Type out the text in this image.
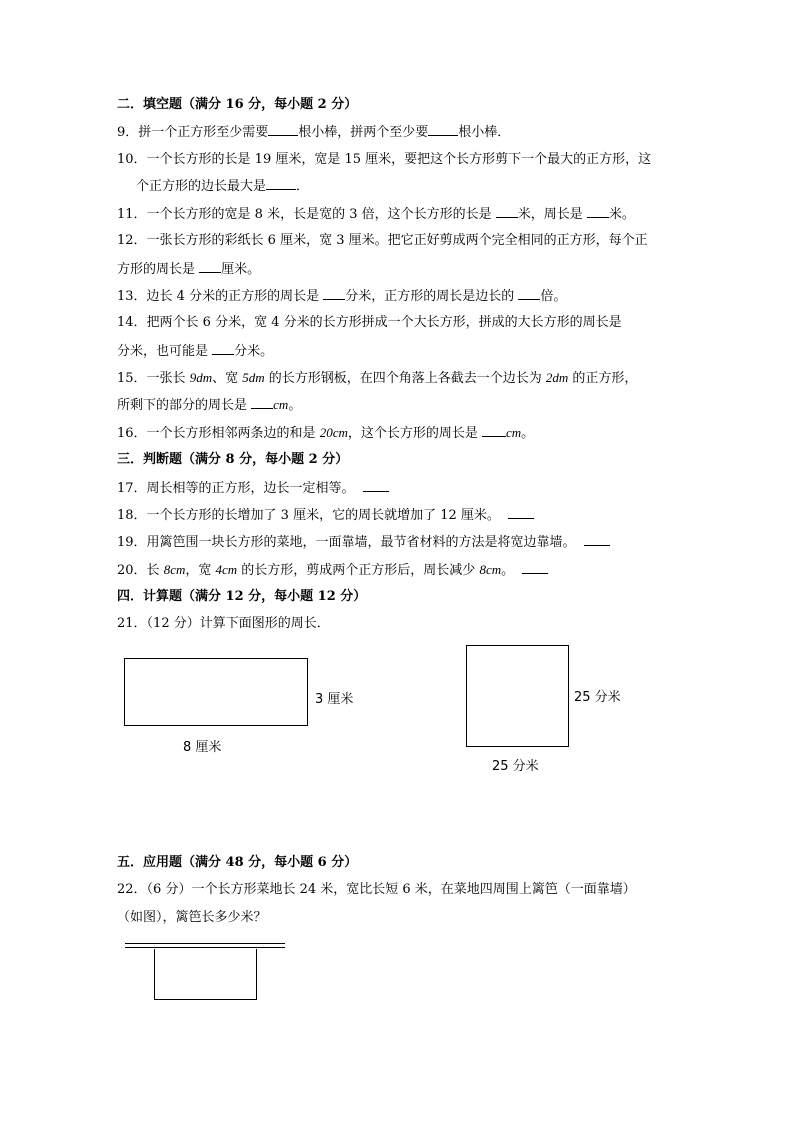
二．填空题（满分 16 分，每小题 2 分）
9．拼一个正方形至少需要 根小棒，拼两个至少要 根小棒．
10．一个长方形的长是 19 厘米，宽是 15 厘米，要把这个长方形剪下一个最大的正方形，这
个正方形的边长最大是 ．
11．一个长方形的宽是 8 米，长是宽的 3 倍，这个长方形的长是 米，周长是 米。
12．一张长方形的彩纸长 6 厘米，宽 3 厘米。把它正好剪成两个完全相同的正方形，每个正
方形的周长是 厘米。
13．边长 4 分米的正方形的周长是 分米，正方形的周长是边长的 倍。
14．把两个长 6 分米，宽 4 分米的长方形拼成一个大长方形，拼成的大长方形的周长是
分米，也可能是 分米。
15．一张长 9dm、宽 5dm 的长方形钢板，在四个角落上各截去一个边长为 2dm 的正方形，
所剩下的部分的周长是 cm。
16．一个长方形相邻两条边的和是 20cm，这个长方形的周长是 cm。
三．判断题（满分 8 分，每小题 2 分）
17．周长相等的正方形，边长一定相等。
18．一个长方形的长增加了 3 厘米，它的周长就增加了 12 厘米。
19．用篱笆围一块长方形的菜地，一面靠墙，最节省材料的方法是将宽边靠墙。
20．长 8cm，宽 4cm 的长方形，剪成两个正方形后，周长减少 8cm。
四．计算题（满分 12 分，每小题 12 分）
21．（12 分）计算下面图形的周长．
3 厘米
8 厘米
25 分米
25 分米
五．应用题（满分 48 分，每小题 6 分）
22．（6 分）一个长方形菜地长 24 米，宽比长短 6 米，在菜地四周围上篱笆（一面靠墙）
（如图），篱笆长多少米？
